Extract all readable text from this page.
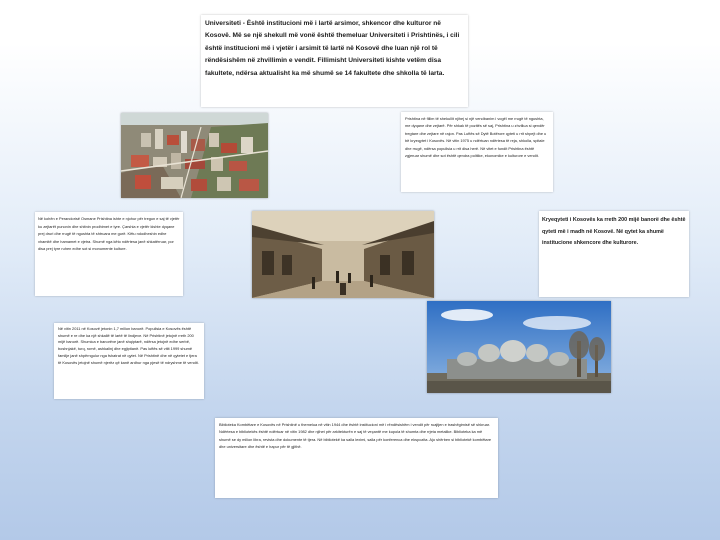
Universiteti - Është institucioni më i lartë arsimor, shkencor dhe kulturor në Kosovë. Më se një shekull më vonë është themeluar Universiteti i Prishtinës, i cili është institucioni më i vjetër i arsimit të lartë në Kosovë dhe luan një rol të rëndësishëm në zhvillimin e vendit. Fillimisht Universiteti kishte vetëm disa fakultete, ndërsa aktualisht ka më shumë se 14 fakultete dhe shkolla të larta.

Prishtina në fillim të shekullit njihej si një vendbanim i vogël me rrugë të ngushta, me dyqane dhe zejtarë. Për shkak të pozitës së saj, Prishtina u zhvillua si qendër tregtare dhe zejtare në rajon. Pas Luftës së Dytë Botërore qyteti u rrit shpejt dhe u bë kryeqytet i Kosovës. Në vitin 1975 u ndërtuan ndërtesa të reja, shkolla, spitale dhe rrugë, ndërsa popullsia u rrit disa herë. Në vitet e fundit Prishtina është zgjeruar shumë dhe sot është qendra politike, ekonomike e kulturore e vendit.

Në kohën e Perandorisë Osmane Prishtina ishte e njohur për tregun e saj të vjetër ku zejtarët punonin dhe shitnin prodhimet e tyre. Çarshia e vjetër kishte dyqane prej druri dhe rrugë të ngushta të shtruara me gurë. Këtu ndodheshin edhe xhamitë dhe hamamet e vjetra. Shumë nga këto ndërtesa janë shkatërruar, por disa prej tyre ruhen edhe sot si monumente kulture.

Kryeqyteti i Kosovës ka rreth 200 mijë banorë dhe është qyteti më i madh në Kosovë. Në qytet ka shumë institucione shkencore dhe kulturore.

Në vitin 2011 në Kosovë jetonin 1,7 milion banorë. Popullsia e Kosovës është shumë e re dhe ka një shkallë të lartë të lindjeve. Në Prishtinë jetojnë rreth 200 mijë banorë. Shumica e banorëve janë shqiptarë, ndërsa jetojnë edhe serbë, boshnjakë, turq, romë, ashkalinj dhe egjiptianë. Pas luftës së vitit 1999 shumë familje janë shpërngulur nga fshatrat në qytet. Në Prishtinë dhe në qytetet e tjera të Kosovës jetojnë shumë njerëz që kanë ardhur nga pjesë të ndryshme të vendit.

Biblioteka Kombëtare e Kosovës në Prishtinë u themelua në vitin 1944 dhe është institucioni më i rëndësishëm i vendit për ruajtjen e trashëgimisë së shkruar. Ndërtesa e bibliotekës është ndërtuar në vitin 1982 dhe njihet për arkitekturën e saj të veçantë me kupola të shumta dhe rrjeta metalike. Biblioteka ka më shumë se dy milion libra, revista dhe dokumente të tjera. Në bibliotekë ka salla leximi, salla për konferenca dhe ekspozita. Ajo shërben si bibliotekë kombëtare dhe universitare dhe është e hapur për të gjithë.
